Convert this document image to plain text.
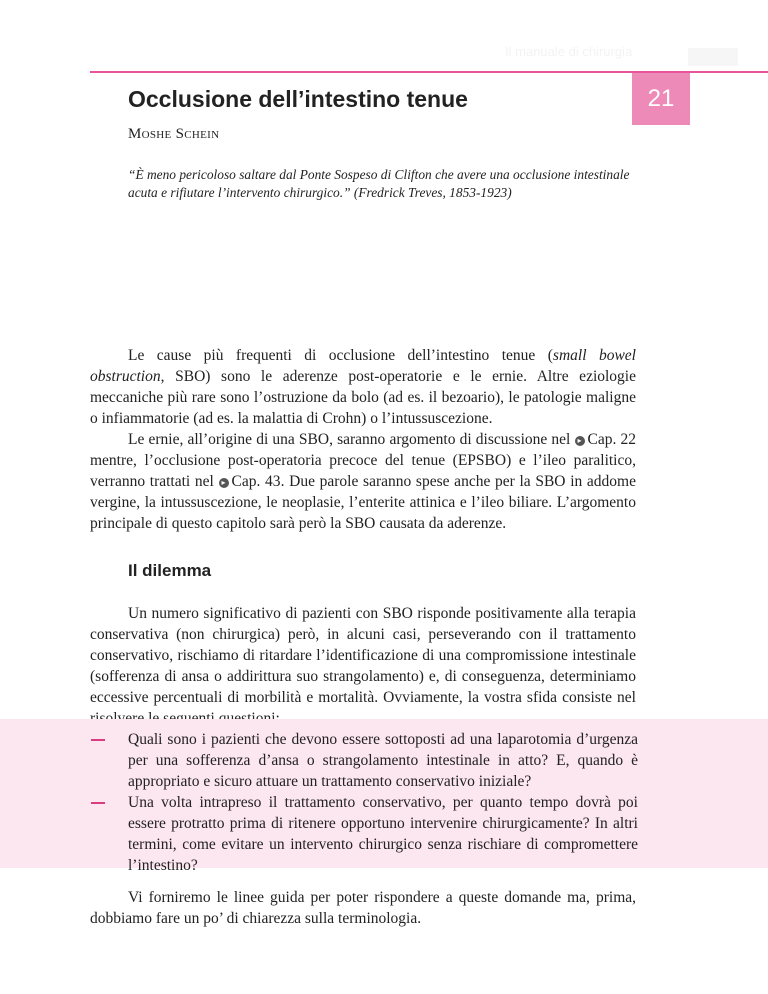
Il manuale di chirurgia
21
Occlusione dell’intestino tenue
Moshe Schein

“È meno pericoloso saltare dal Ponte Sospeso di Clifton che avere una occlusione intestinale acuta e rifiutare l’intervento chirurgico.” (Fredrick Treves, 1853-1923)

Le cause più frequenti di occlusione dell’intestino tenue (small bowel obstruction, SBO) sono le aderenze post-operatorie e le ernie. Altre eziologie meccaniche più rare sono l’ostruzione da bolo (ad es. il bezoario), le patologie maligne o infiammatorie (ad es. la malattia di Crohn) o l’intussuscezione.

Le ernie, all’origine di una SBO, saranno argomento di discussione nel ▸ Cap. 22 mentre, l’occlusione post-operatoria precoce del tenue (EPSBO) e l’ileo paralitico, verranno trattati nel ▸ Cap. 43. Due parole saranno spese anche per la SBO in addome vergine, la intussuscezione, le neoplasie, l’enterite attinica e l’ileo biliare. L’argomento principale di questo capitolo sarà però la SBO causata da aderenze.

Il dilemma

Un numero significativo di pazienti con SBO risponde positivamente alla terapia conservativa (non chirurgica) però, in alcuni casi, perseverando con il trattamento conservativo, rischiamo di ritardare l’identificazione di una compromissione intestinale (sofferenza di ansa o addirittura suo strangolamento) e, di conseguenza, determiniamo eccessive percentuali di morbilità e mortalità. Ovviamente, la vostra sfida consiste nel

Quali sono i pazienti che devono essere sottoposti ad una laparotomia d’urgenza per una sofferenza d’ansa o strangolamento intestinale in atto? E, quando è appropriato e sicuro attuare un trattamento conservativo iniziale?
Una volta intrapreso il trattamento conservativo, per quanto tempo dovrà poi essere protratto prima di ritenere opportuno intervenire chirurgicamente? In altri termini, come evitare un intervento chirurgico senza rischiare di compromettere l’intestino?

Vi forniremo le linee guida per poter rispondere a queste domande ma, prima, dobbiamo fare un po’ di chiarezza sulla terminologia.
